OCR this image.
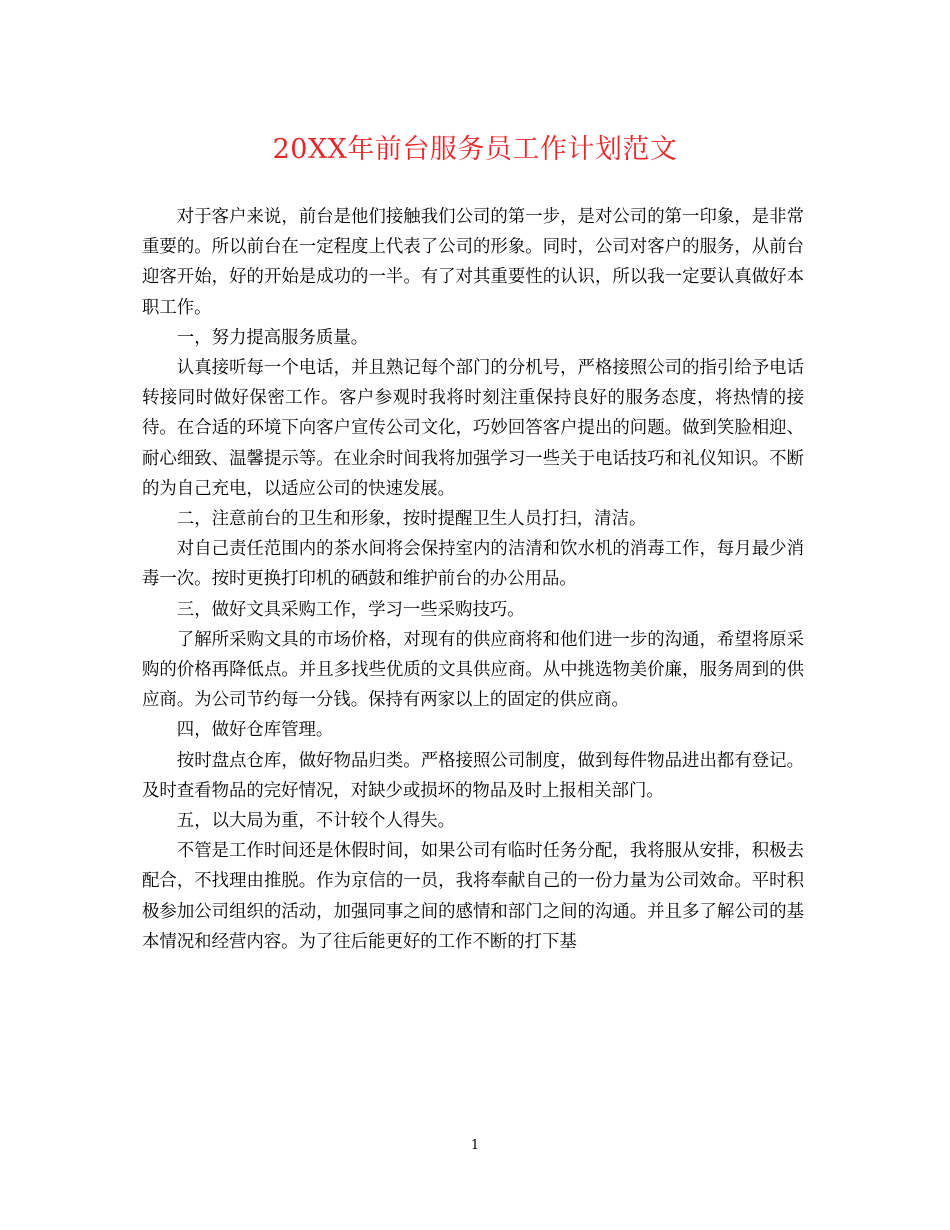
20XX年前台服务员工作计划范文

对于客户来说，前台是他们接触我们公司的第一步，是对公司的第一印象，是非常重要的。所以前台在一定程度上代表了公司的形象。同时，公司对客户的服务，从前台迎客开始，好的开始是成功的一半。有了对其重要性的认识，所以我一定要认真做好本职工作。

一，努力提高服务质量。

认真接听每一个电话，并且熟记每个部门的分机号，严格接照公司的指引给予电话转接同时做好保密工作。客户参观时我将时刻注重保持良好的服务态度，将热情的接待。在合适的环境下向客户宣传公司文化，巧妙回答客户提出的问题。做到笑脸相迎、耐心细致、温馨提示等。在业余时间我将加强学习一些关于电话技巧和礼仪知识。不断的为自己充电，以适应公司的快速发展。

二，注意前台的卫生和形象，按时提醒卫生人员打扫，清洁。

对自己责任范围内的茶水间将会保持室内的洁清和饮水机的消毒工作，每月最少消毒一次。按时更换打印机的硒鼓和维护前台的办公用品。

三，做好文具采购工作，学习一些采购技巧。

了解所采购文具的市场价格，对现有的供应商将和他们进一步的沟通，希望将原采购的价格再降低点。并且多找些优质的文具供应商。从中挑选物美价廉，服务周到的供应商。为公司节约每一分钱。保持有两家以上的固定的供应商。

四，做好仓库管理。

按时盘点仓库，做好物品归类。严格接照公司制度，做到每件物品进出都有登记。及时查看物品的完好情况，对缺少或损坏的物品及时上报相关部门。

五，以大局为重，不计较个人得失。

不管是工作时间还是休假时间，如果公司有临时任务分配，我将服从安排，积极去配合，不找理由推脱。作为京信的一员，我将奉献自己的一份力量为公司效命。平时积极参加公司组织的活动，加强同事之间的感情和部门之间的沟通。并且多了解公司的基本情况和经营内容。为了往后能更好的工作不断的打下基

1
